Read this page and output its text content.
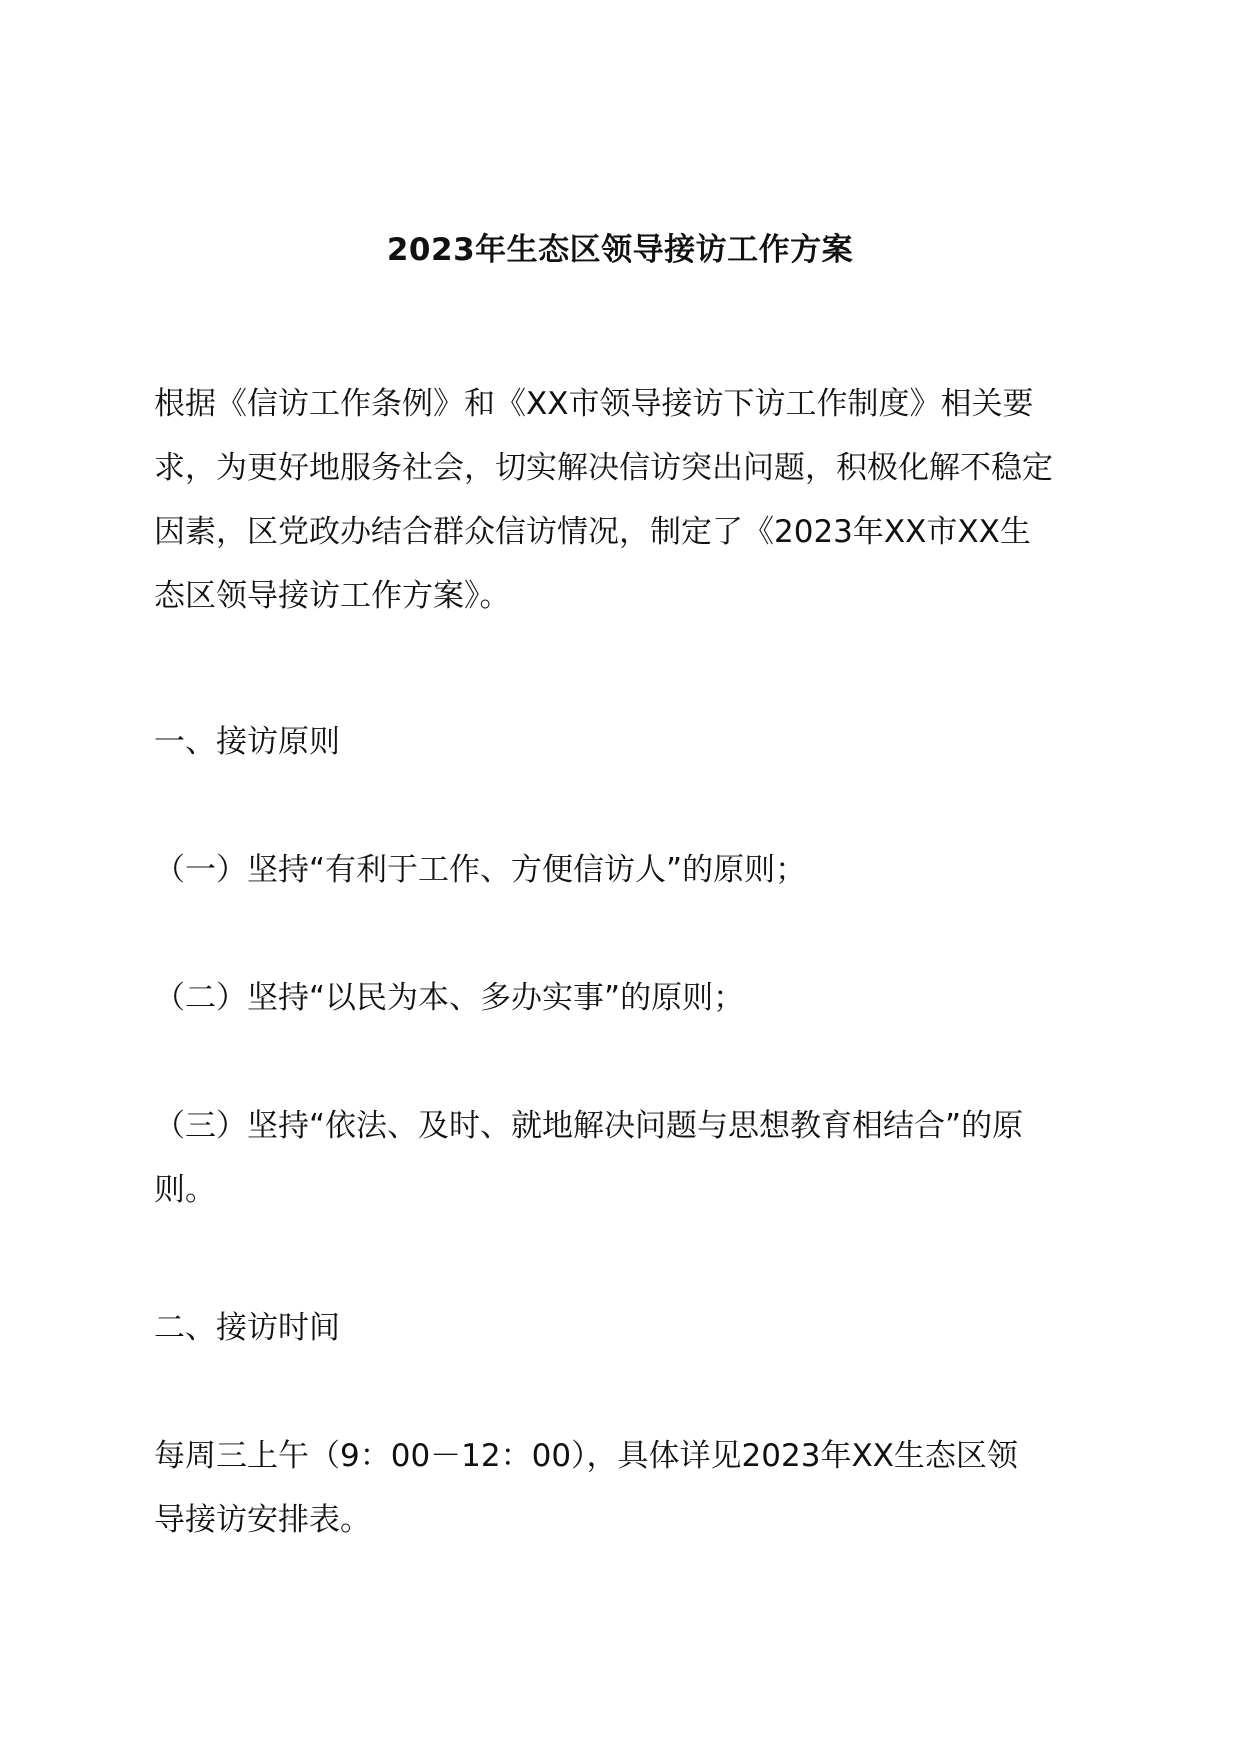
2023年生态区领导接访工作方案
根据《信访工作条例》和《XX市领导接访下访工作制度》相关要
求，为更好地服务社会，切实解决信访突出问题，积极化解不稳定
因素，区党政办结合群众信访情况，制定了《2023年XX市XX生
态区领导接访工作方案》。
一、接访原则
（一）坚持“有利于工作、方便信访人”的原则；
（二）坚持“以民为本、多办实事”的原则；
（三）坚持“依法、及时、就地解决问题与思想教育相结合”的原
则。
二、接访时间
每周三上午（9：00－12：00），具体详见2023年XX生态区领
导接访安排表。
